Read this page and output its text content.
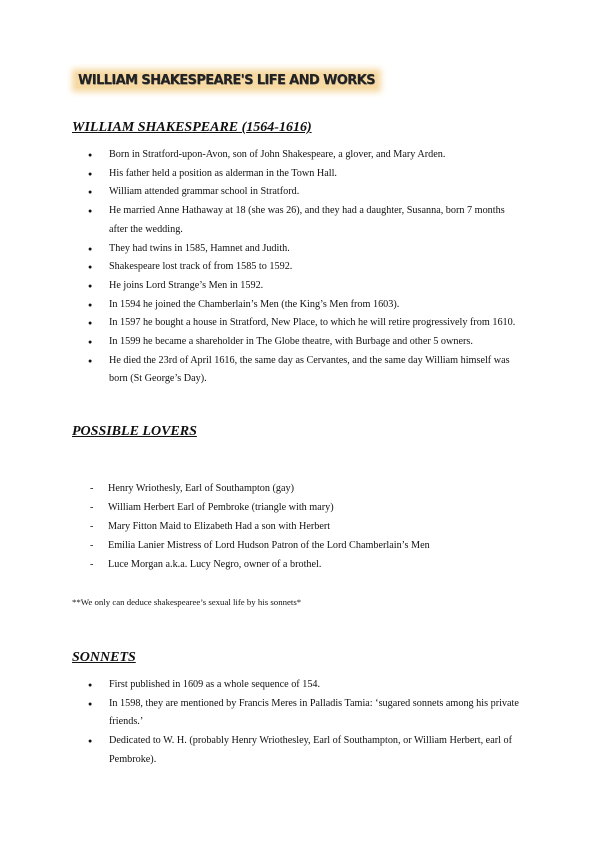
WILLIAM SHAKESPEARE'S LIFE AND WORKS
WILLIAM SHAKESPEARE (1564-1616)
● Born in Stratford-upon-Avon, son of John Shakespeare, a glover, and Mary Arden.
● His father held a position as alderman in the Town Hall.
● William attended grammar school in Stratford.
● He married Anne Hathaway at 18 (she was 26), and they had a daughter, Susanna, born 7 months after the wedding.
● They had twins in 1585, Hamnet and Judith.
● Shakespeare lost track of from 1585 to 1592.
● He joins Lord Strange’s Men in 1592.
● In 1594 he joined the Chamberlain’s Men (the King’s Men from 1603).
● In 1597 he bought a house in Stratford, New Place, to which he will retire progressively from 1610.
● In 1599 he became a shareholder in The Globe theatre, with Burbage and other 5 owners.
● He died the 23rd of April 1616, the same day as Cervantes, and the same day William himself was born (St George’s Day).
POSSIBLE LOVERS
- Henry Wriothesly, Earl of Southampton (gay)
- William Herbert Earl of Pembroke (triangle with mary)
- Mary Fitton Maid to Elizabeth Had a son with Herbert
- Emilia Lanier Mistress of Lord Hudson Patron of the Lord Chamberlain’s Men
- Luce Morgan a.k.a. Lucy Negro, owner of a brothel.
**We only can deduce shakespearee’s sexual life by his sonnets*
SONNETS
● First published in 1609 as a whole sequence of 154.
● In 1598, they are mentioned by Francis Meres in Palladis Tamia: ‘sugared sonnets among his private friends.’
● Dedicated to W. H. (probably Henry Wriothesley, Earl of Southampton, or William Herbert, earl of Pembroke).
